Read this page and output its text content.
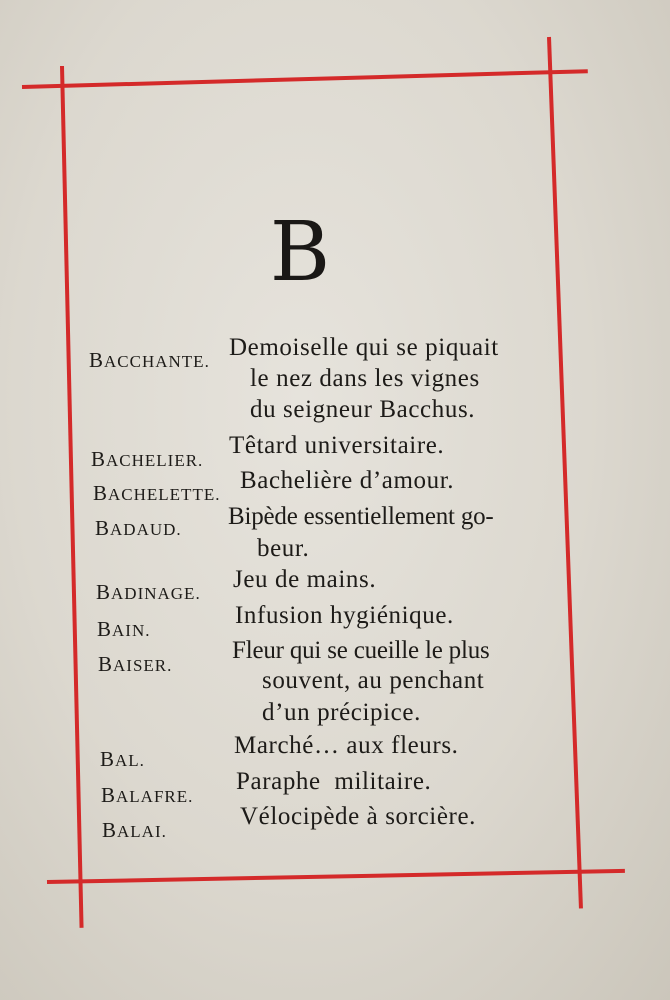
B
BACCHANTE.
Demoiselle qui se piquait
le nez dans les vignes
du seigneur Bacchus.
BACHELIER.
Têtard universitaire.
BACHELETTE.
Bachelière d’amour.
BADAUD. Bipède essentiellement go-
beur.
BADINAGE.
Jeu de mains.
BAIN.
Infusion hygiénique.
BAISER.
Fleur qui se cueille le plus
souvent, au penchant
d’un précipice.
BAL.
Marché… aux fleurs.
BALAFRE.
Paraphe  militaire.
BALAI.
Vélocipède à sorcière.
